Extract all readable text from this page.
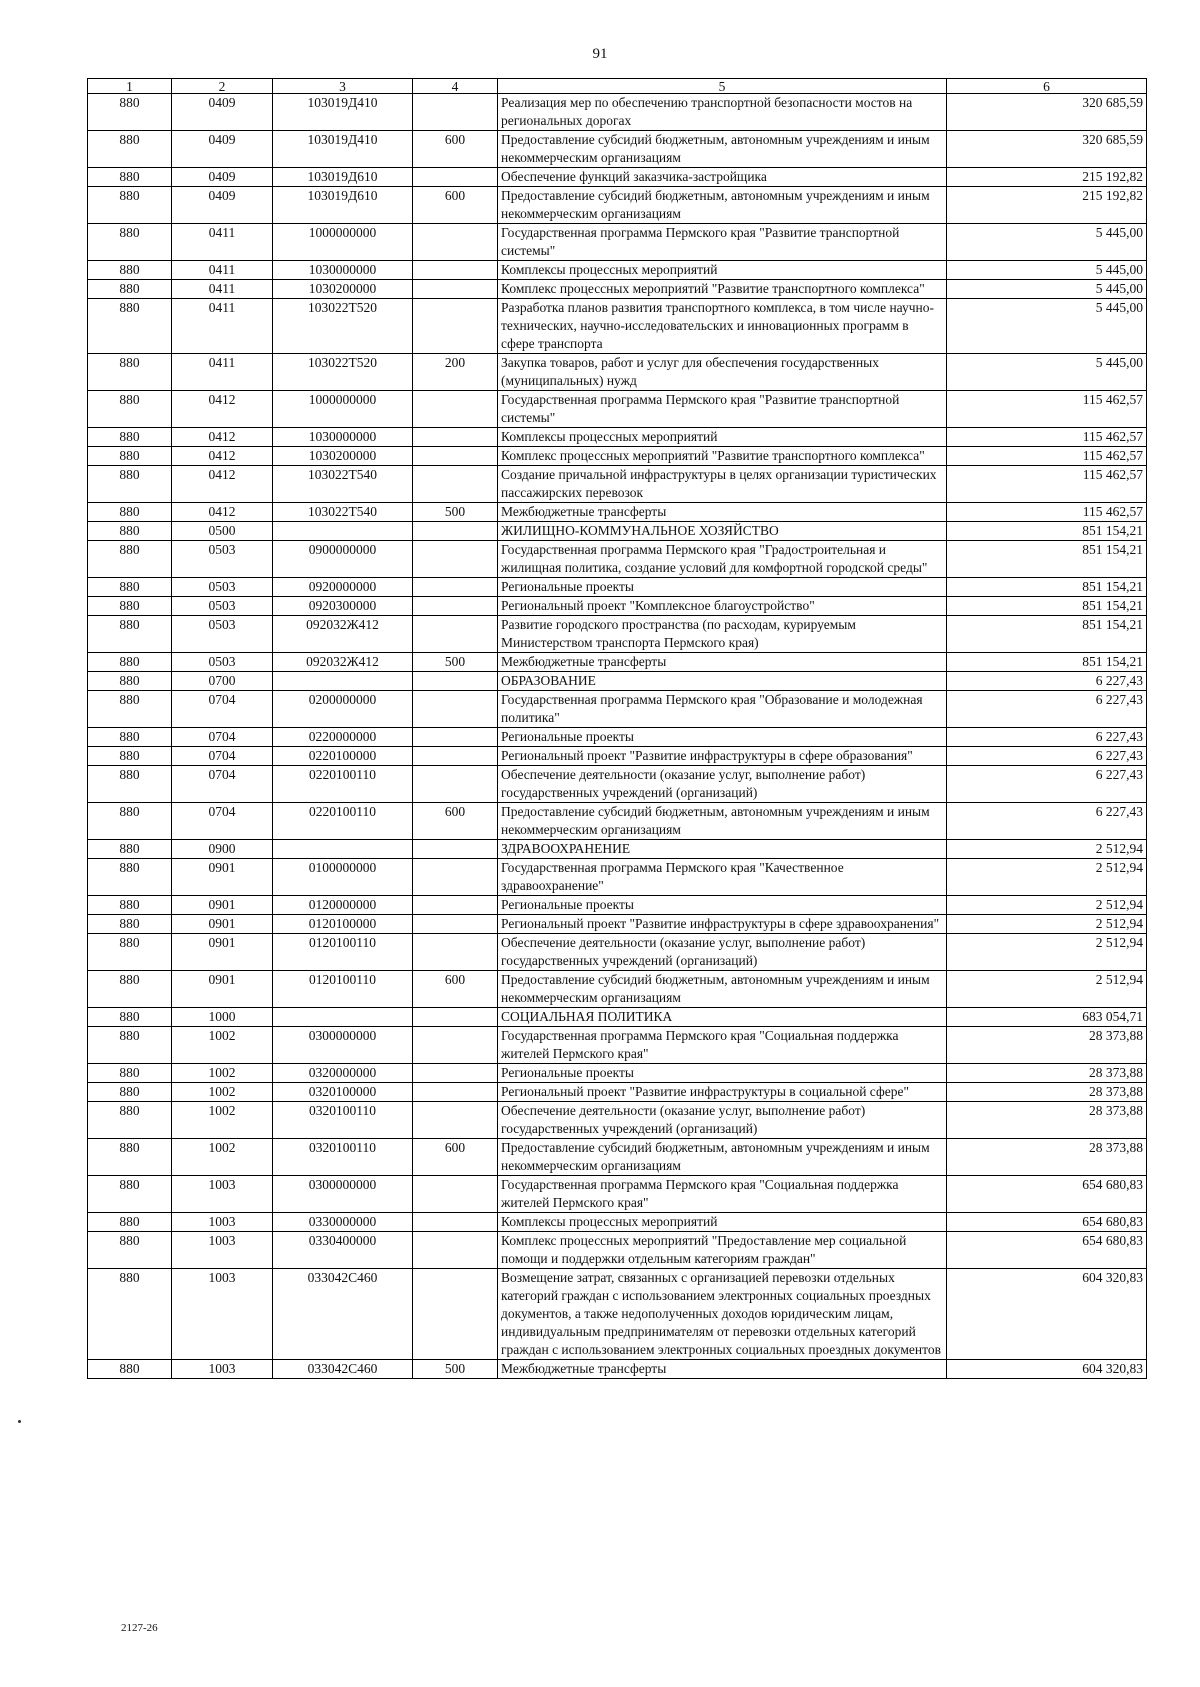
91
1	2	3	4	5	6
880	0409	103019Д410		Реализация мер по обеспечению транспортной безопасности мостов на региональных дорогах	320 685,59
880	0409	103019Д410	600	Предоставление субсидий бюджетным, автономным учреждениям и иным некоммерческим организациям	320 685,59
880	0409	103019Д610		Обеспечение функций заказчика-застройщика	215 192,82
880	0409	103019Д610	600	Предоставление субсидий бюджетным, автономным учреждениям и иным некоммерческим организациям	215 192,82
880	0411	1000000000		Государственная программа Пермского края "Развитие транспортной системы"	5 445,00
880	0411	1030000000		Комплексы процессных мероприятий	5 445,00
880	0411	1030200000		Комплекс процессных мероприятий "Развитие транспортного комплекса"	5 445,00
880	0411	103022Т520		Разработка планов развития транспортного комплекса, в том числе научно-технических, научно-исследовательских и инновационных программ в сфере транспорта	5 445,00
880	0411	103022Т520	200	Закупка товаров, работ и услуг для обеспечения государственных (муниципальных) нужд	5 445,00
880	0412	1000000000		Государственная программа Пермского края "Развитие транспортной системы"	115 462,57
880	0412	1030000000		Комплексы процессных мероприятий	115 462,57
880	0412	1030200000		Комплекс процессных мероприятий "Развитие транспортного комплекса"	115 462,57
880	0412	103022Т540		Создание причальной инфраструктуры в целях организации туристических пассажирских перевозок	115 462,57
880	0412	103022Т540	500	Межбюджетные трансферты	115 462,57
880	0500			ЖИЛИЩНО-КОММУНАЛЬНОЕ ХОЗЯЙСТВО	851 154,21
880	0503	0900000000		Государственная программа Пермского края "Градостроительная и жилищная политика, создание условий для комфортной городской среды"	851 154,21
880	0503	0920000000		Региональные проекты	851 154,21
880	0503	0920300000		Региональный проект "Комплексное благоустройство"	851 154,21
880	0503	092032Ж412		Развитие городского пространства (по расходам, курируемым Министерством транспорта Пермского края)	851 154,21
880	0503	092032Ж412	500	Межбюджетные трансферты	851 154,21
880	0700			ОБРАЗОВАНИЕ	6 227,43
880	0704	0200000000		Государственная программа Пермского края "Образование и молодежная политика"	6 227,43
880	0704	0220000000		Региональные проекты	6 227,43
880	0704	0220100000		Региональный проект "Развитие инфраструктуры в сфере образования"	6 227,43
880	0704	0220100110		Обеспечение деятельности (оказание услуг, выполнение работ) государственных учреждений (организаций)	6 227,43
880	0704	0220100110	600	Предоставление субсидий бюджетным, автономным учреждениям и иным некоммерческим организациям	6 227,43
880	0900			ЗДРАВООХРАНЕНИЕ	2 512,94
880	0901	0100000000		Государственная программа Пермского края "Качественное здравоохранение"	2 512,94
880	0901	0120000000		Региональные проекты	2 512,94
880	0901	0120100000		Региональный проект "Развитие инфраструктуры в сфере здравоохранения"	2 512,94
880	0901	0120100110		Обеспечение деятельности (оказание услуг, выполнение работ) государственных учреждений (организаций)	2 512,94
880	0901	0120100110	600	Предоставление субсидий бюджетным, автономным учреждениям и иным некоммерческим организациям	2 512,94
880	1000			СОЦИАЛЬНАЯ ПОЛИТИКА	683 054,71
880	1002	0300000000		Государственная программа Пермского края "Социальная поддержка жителей Пермского края"	28 373,88
880	1002	0320000000		Региональные проекты	28 373,88
880	1002	0320100000		Региональный проект "Развитие инфраструктуры в социальной сфере"	28 373,88
880	1002	0320100110		Обеспечение деятельности (оказание услуг, выполнение работ) государственных учреждений (организаций)	28 373,88
880	1002	0320100110	600	Предоставление субсидий бюджетным, автономным учреждениям и иным некоммерческим организациям	28 373,88
880	1003	0300000000		Государственная программа Пермского края "Социальная поддержка жителей Пермского края"	654 680,83
880	1003	0330000000		Комплексы процессных мероприятий	654 680,83
880	1003	0330400000		Комплекс процессных мероприятий "Предоставление мер социальной помощи и поддержки отдельным категориям граждан"	654 680,83
880	1003	033042С460		Возмещение затрат, связанных с организацией перевозки отдельных категорий граждан с использованием электронных социальных проездных документов, а также недополученных доходов юридическим лицам, индивидуальным предпринимателям от перевозки отдельных категорий граждан с использованием электронных социальных проездных документов	604 320,83
880	1003	033042С460	500	Межбюджетные трансферты	604 320,83
2127-26
